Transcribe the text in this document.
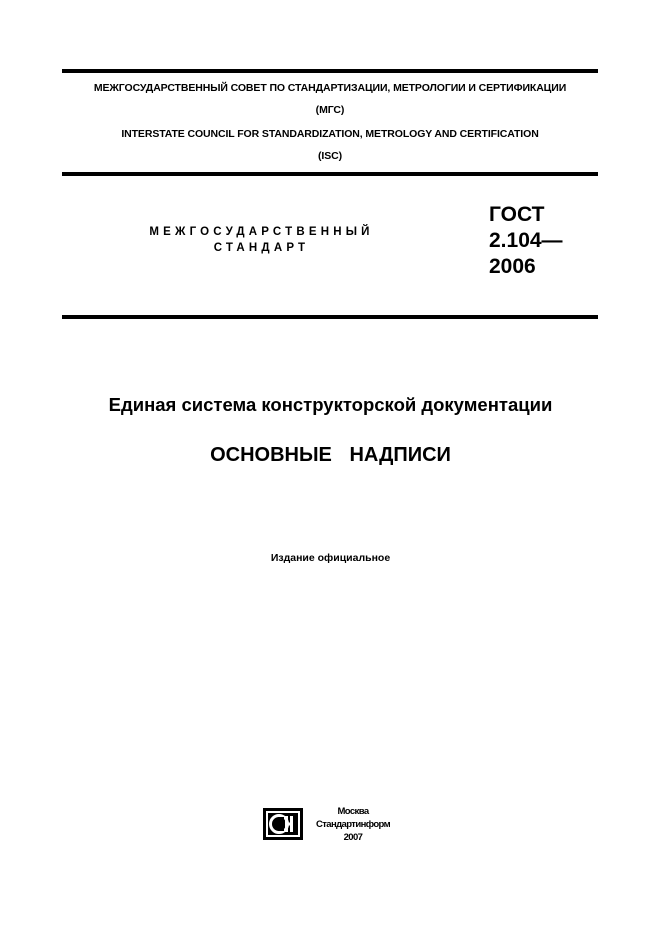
МЕЖГОСУДАРСТВЕННЫЙ СОВЕТ ПО СТАНДАРТИЗАЦИИ, МЕТРОЛОГИИ И СЕРТИФИКАЦИИ
(МГС)
INTERSTATE COUNCIL FOR STANDARDIZATION, METROLOGY AND CERTIFICATION
(ISC)
МЕЖГОСУДАРСТВЕННЫЙ
СТАНДАРТ
ГОСТ
2.104—
2006
Единая система конструкторской документации
ОСНОВНЫЕ НАДПИСИ
Издание официальное
Москва
Стандартинформ
2007
